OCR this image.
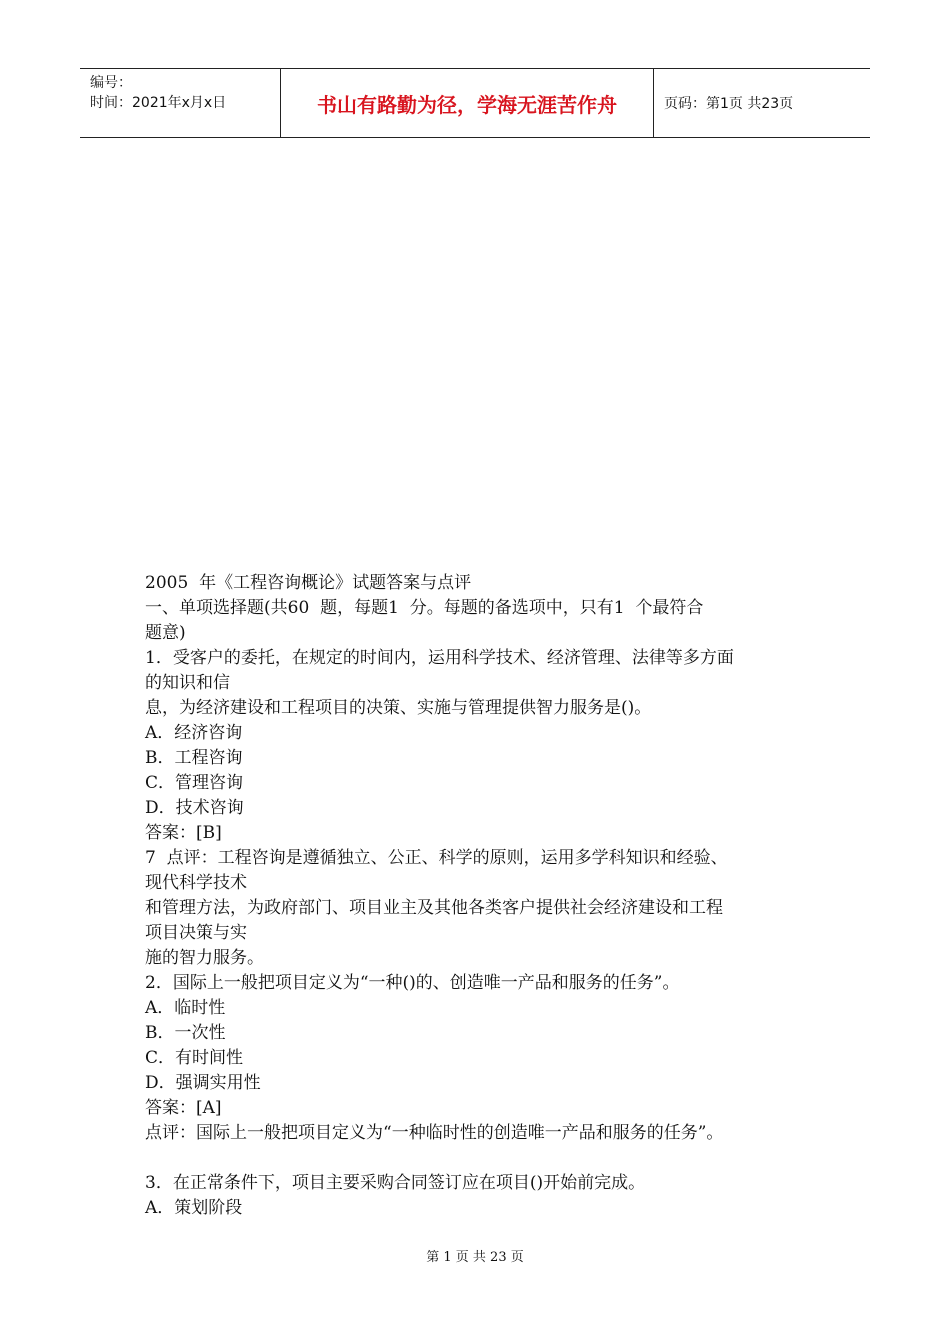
编号：
时间：2021年x月x日	书山有路勤为径，学海无涯苦作舟	页码：第1页 共23页

2005  年《工程咨询概论》试题答案与点评

一、单项选择题(共60  题，每题1  分。每题的备选项中，只有1  个最符合

题意)

1．受客户的委托，在规定的时间内，运用科学技术、经济管理、法律等多方面

的知识和信

息，为经济建设和工程项目的决策、实施与管理提供智力服务是()。

A．经济咨询

B．工程咨询

C．管理咨询

D．技术咨询

答案：[B]

7  点评：工程咨询是遵循独立、公正、科学的原则，运用多学科知识和经验、

现代科学技术

和管理方法，为政府部门、项目业主及其他各类客户提供社会经济建设和工程

项目决策与实

施的智力服务。

2．国际上一般把项目定义为“一种()的、创造唯一产品和服务的任务”。

A．临时性

B．一次性

C．有时间性

D．强调实用性

答案：[A]

点评：国际上一般把项目定义为“一种临时性的创造唯一产品和服务的任务”。

3．在正常条件下，项目主要采购合同签订应在项目()开始前完成。

A．策划阶段

第 1 页 共 23 页
